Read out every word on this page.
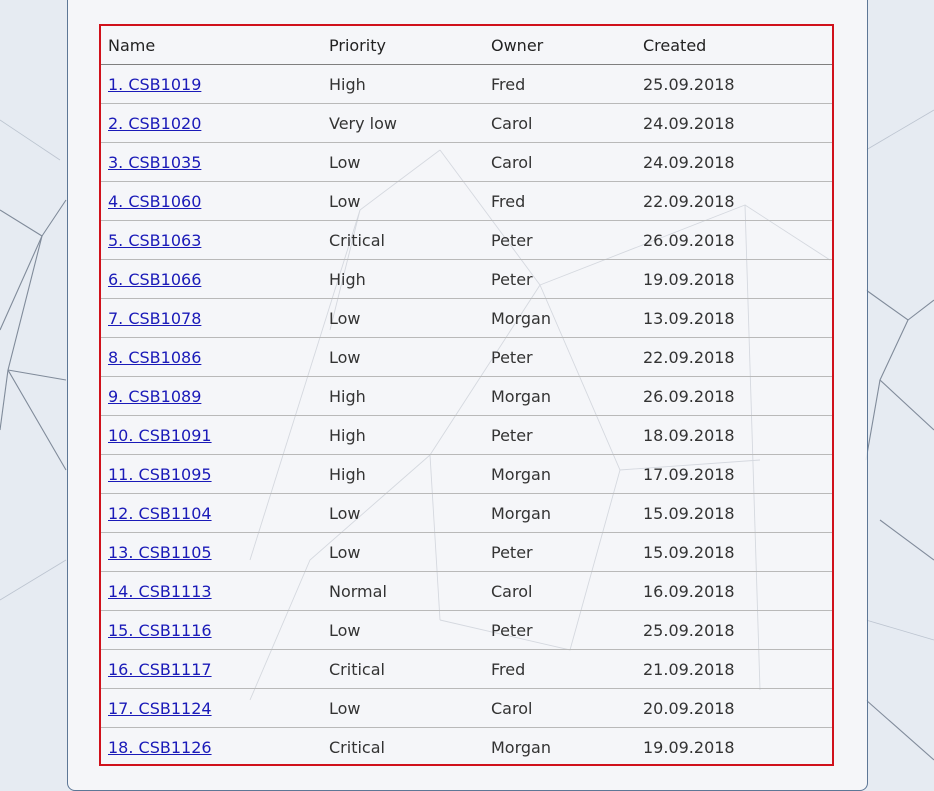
Name	Priority	Owner	Created
1. CSB1019	High	Fred	25.09.2018
2. CSB1020	Very low	Carol	24.09.2018
3. CSB1035	Low	Carol	24.09.2018
4. CSB1060	Low	Fred	22.09.2018
5. CSB1063	Critical	Peter	26.09.2018
6. CSB1066	High	Peter	19.09.2018
7. CSB1078	Low	Morgan	13.09.2018
8. CSB1086	Low	Peter	22.09.2018
9. CSB1089	High	Morgan	26.09.2018
10. CSB1091	High	Peter	18.09.2018
11. CSB1095	High	Morgan	17.09.2018
12. CSB1104	Low	Morgan	15.09.2018
13. CSB1105	Low	Peter	15.09.2018
14. CSB1113	Normal	Carol	16.09.2018
15. CSB1116	Low	Peter	25.09.2018
16. CSB1117	Critical	Fred	21.09.2018
17. CSB1124	Low	Carol	20.09.2018
18. CSB1126	Critical	Morgan	19.09.2018
